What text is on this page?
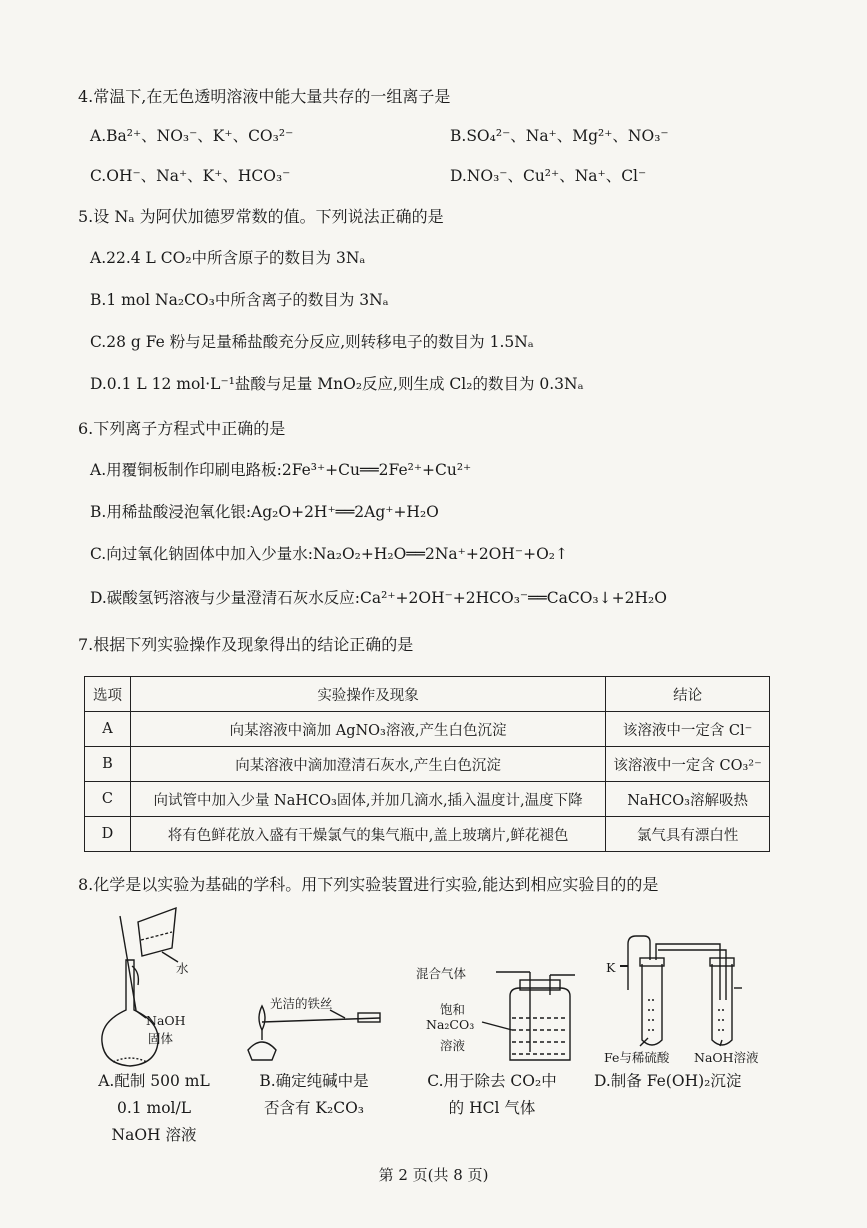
4.常温下,在无色透明溶液中能大量共存的一组离子是
A.Ba²⁺、NO₃⁻、K⁺、CO₃²⁻	B.SO₄²⁻、Na⁺、Mg²⁺、NO₃⁻
C.OH⁻、Na⁺、K⁺、HCO₃⁻	D.NO₃⁻、Cu²⁺、Na⁺、Cl⁻
5.设 Nₐ 为阿伏加德罗常数的值。下列说法正确的是
A.22.4 L CO₂中所含原子的数目为 3Nₐ
B.1 mol Na₂CO₃中所含离子的数目为 3Nₐ
C.28 g Fe 粉与足量稀盐酸充分反应,则转移电子的数目为 1.5Nₐ
D.0.1 L 12 mol·L⁻¹盐酸与足量 MnO₂反应,则生成 Cl₂的数目为 0.3Nₐ
6.下列离子方程式中正确的是
A.用覆铜板制作印刷电路板:2Fe³⁺+Cu══2Fe²⁺+Cu²⁺
B.用稀盐酸浸泡氧化银:Ag₂O+2H⁺══2Ag⁺+H₂O
C.向过氧化钠固体中加入少量水:Na₂O₂+H₂O══2Na⁺+2OH⁻+O₂↑
D.碳酸氢钙溶液与少量澄清石灰水反应:Ca²⁺+2OH⁻+2HCO₃⁻══CaCO₃↓+2H₂O
7.根据下列实验操作及现象得出的结论正确的是
选项	实验操作及现象	结论
A	向某溶液中滴加 AgNO₃溶液,产生白色沉淀	该溶液中一定含 Cl⁻
B	向某溶液中滴加澄清石灰水,产生白色沉淀	该溶液中一定含 CO₃²⁻
C	向试管中加入少量 NaHCO₃固体,并加几滴水,插入温度计,温度下降	NaHCO₃溶解吸热
D	将有色鲜花放入盛有干燥氯气的集气瓶中,盖上玻璃片,鲜花褪色	氯气具有漂白性
8.化学是以实验为基础的学科。用下列实验装置进行实验,能达到相应实验目的的是
水
NaOH
固体
光洁的铁丝
混合气体
饱和
Na₂CO₃
溶液
K
Fe与稀硫酸 NaOH溶液
A.配制 500 mL
0.1 mol/L
NaOH 溶液
B.确定纯碱中是
否含有 K₂CO₃
C.用于除去 CO₂中
的 HCl 气体
D.制备 Fe(OH)₂沉淀
第 2 页(共 8 页)
